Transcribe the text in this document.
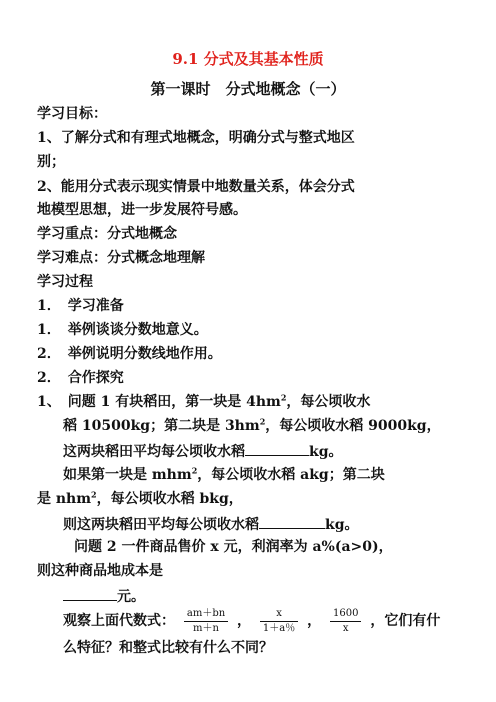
9.1 分式及其基本性质
第一课时　分式地概念（一）
学习目标：
1、了解分式和有理式地概念，明确分式与整式地区
别；
2、能用分式表示现实情景中地数量关系，体会分式
地模型思想，进一步发展符号感。
学习重点：分式地概念
学习难点：分式概念地理解
学习过程
1．　学习准备
1．　举例谈谈分数地意义。
2．　举例说明分数线地作用。
2．　合作探究
1、　问题 1 有块稻田，第一块是 $4hm^2$，每公顷收水
稻 10500kg；第二块是 $3hm^2$，每公顷收水稻 9000kg，
这两块稻田平均每公顷收水稻	kg。
如果第一块是 mhm$^2$，每公顷收水稻 akg；第二块
是 nhm$^2$，每公顷收水稻 bkg，
则这两块稻田平均每公顷收水稻	kg。
问题 2 一件商品售价 x 元，利润率为 a%(a>0)，
则这种商品地成本是
元。
观察上面代数式： $\frac{am+bn}{m+n}$ ， $\frac{x}{1+a\%}$ ， $\frac{1600}{x}$ ，它们有什
么特征？和整式比较有什么不同？
